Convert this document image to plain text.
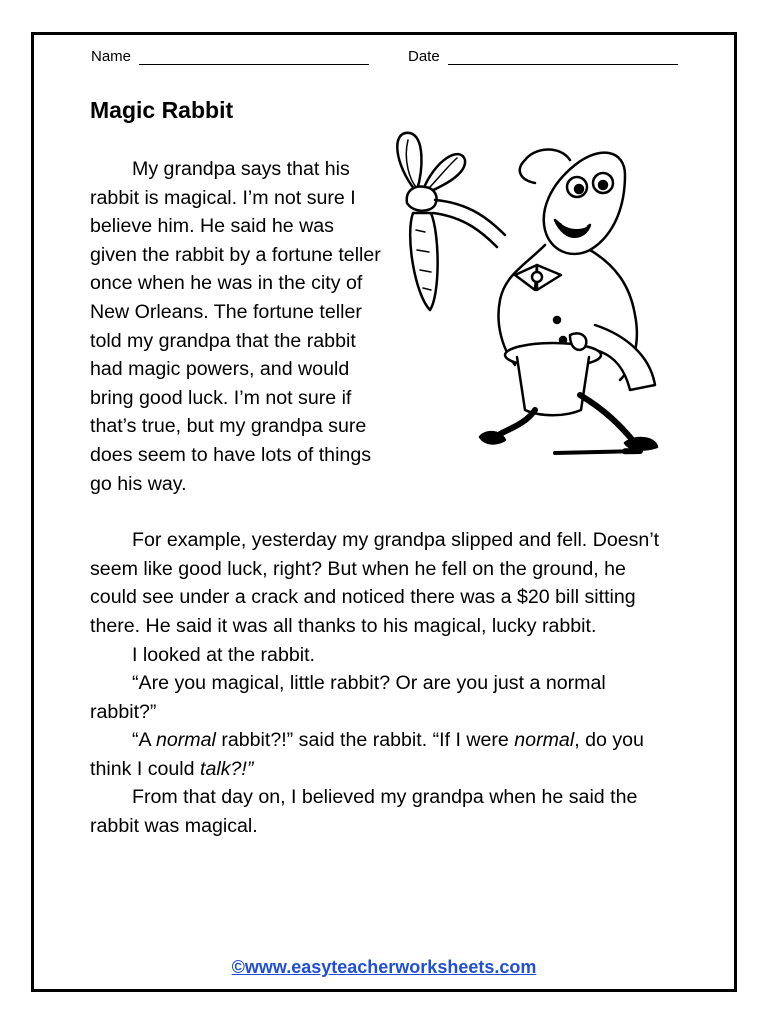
Name	Date
Magic Rabbit

My grandpa says that his rabbit is magical. I’m not sure I believe him. He said he was given the rabbit by a fortune teller once when he was in the city of New Orleans. The fortune teller told my grandpa that the rabbit had magic powers, and would bring good luck. I’m not sure if that’s true, but my grandpa sure does seem to have lots of things go his way.

For example, yesterday my grandpa slipped and fell. Doesn’t seem like good luck, right? But when he fell on the ground, he could see under a crack and noticed there was a $20 bill sitting there. He said it was all thanks to his magical, lucky rabbit.

I looked at the rabbit.

“Are you magical, little rabbit? Or are you just a normal rabbit?”

“A normal rabbit?!” said the rabbit. “If I were normal, do you think I could talk?!”

From that day on, I believed my grandpa when he said the rabbit was magical.

©www.easyteacherworksheets.com
